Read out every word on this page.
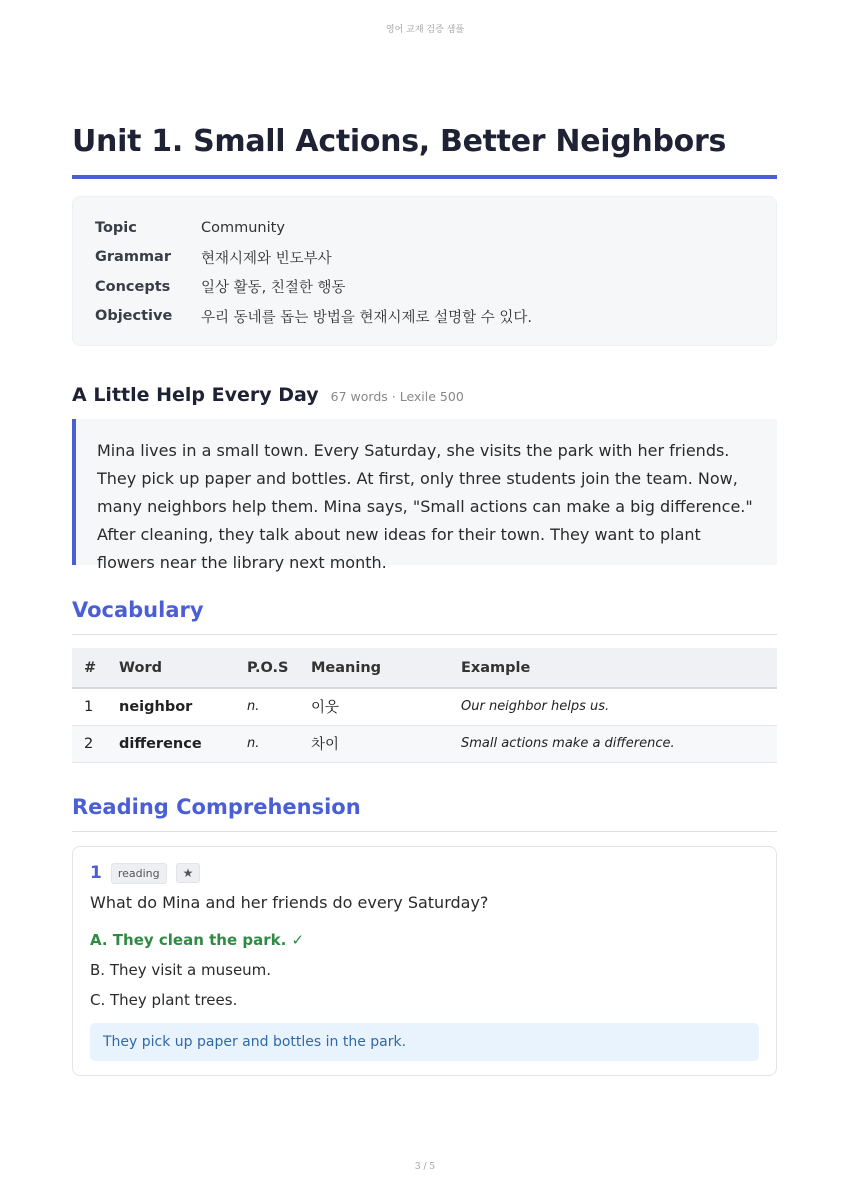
영어 교재 검증 샘플
Unit 1. Small Actions, Better Neighbors
Topic	Community
Grammar	현재시제와 빈도부사
Concepts	일상 활동, 친절한 행동
Objective	우리 동네를 돕는 방법을 현재시제로 설명할 수 있다.
A Little Help Every Day 67 words · Lexile 500
Mina lives in a small town. Every Saturday, she visits the park with her friends. They pick up paper and bottles. At first, only three students join the team. Now, many neighbors help them. Mina says, "Small actions can make a big difference." After cleaning, they talk about new ideas for their town. They want to plant flowers near the library next month.
Vocabulary
#	Word	P.O.S	Meaning	Example
1	neighbor	n.	이웃	Our neighbor helps us.
2	difference	n.	차이	Small actions make a difference.
Reading Comprehension
1	reading	★
What do Mina and her friends do every Saturday?
A. They clean the park. ✓
B. They visit a museum.
C. They plant trees.
They pick up paper and bottles in the park.
3 / 5
